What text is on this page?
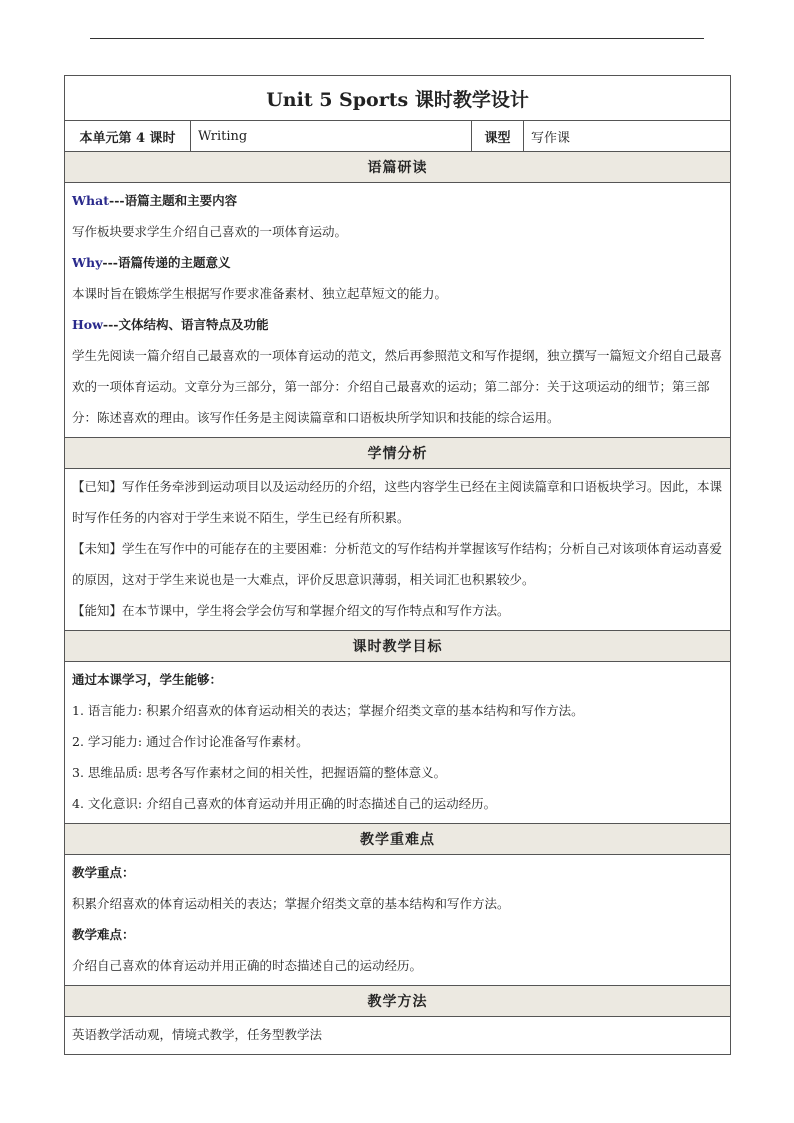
Unit 5 Sports 课时教学设计
本单元第 4 课时	Writing	课型	写作课
语篇研读

What---语篇主题和主要内容

写作板块要求学生介绍自己喜欢的一项体育运动。

Why---语篇传递的主题意义

本课时旨在锻炼学生根据写作要求准备素材、独立起草短文的能力。

How---文体结构、语言特点及功能

学生先阅读一篇介绍自己最喜欢的一项体育运动的范文，然后再参照范文和写作提纲，独立撰写一篇短文介绍自己最喜欢的一项体育运动。文章分为三部分，第一部分：介绍自己最喜欢的运动；第二部分：关于这项运动的细节；第三部分：陈述喜欢的理由。该写作任务是主阅读篇章和口语板块所学知识和技能的综合运用。

学情分析

【已知】写作任务牵涉到运动项目以及运动经历的介绍，这些内容学生已经在主阅读篇章和口语板块学习。因此，本课时写作任务的内容对于学生来说不陌生，学生已经有所积累。

【未知】学生在写作中的可能存在的主要困难：分析范文的写作结构并掌握该写作结构；分析自己对该项体育运动喜爱的原因，这对于学生来说也是一大难点，评价反思意识薄弱，相关词汇也积累较少。

【能知】在本节课中，学生将会学会仿写和掌握介绍文的写作特点和写作方法。

课时教学目标

通过本课学习，学生能够：

1. 语言能力: 积累介绍喜欢的体育运动相关的表达；掌握介绍类文章的基本结构和写作方法。

2. 学习能力: 通过合作讨论准备写作素材。

3. 思维品质: 思考各写作素材之间的相关性，把握语篇的整体意义。

4. 文化意识: 介绍自己喜欢的体育运动并用正确的时态描述自己的运动经历。

教学重难点

教学重点：

积累介绍喜欢的体育运动相关的表达；掌握介绍类文章的基本结构和写作方法。

教学难点：

介绍自己喜欢的体育运动并用正确的时态描述自己的运动经历。

教学方法

英语教学活动观，情境式教学，任务型教学法
